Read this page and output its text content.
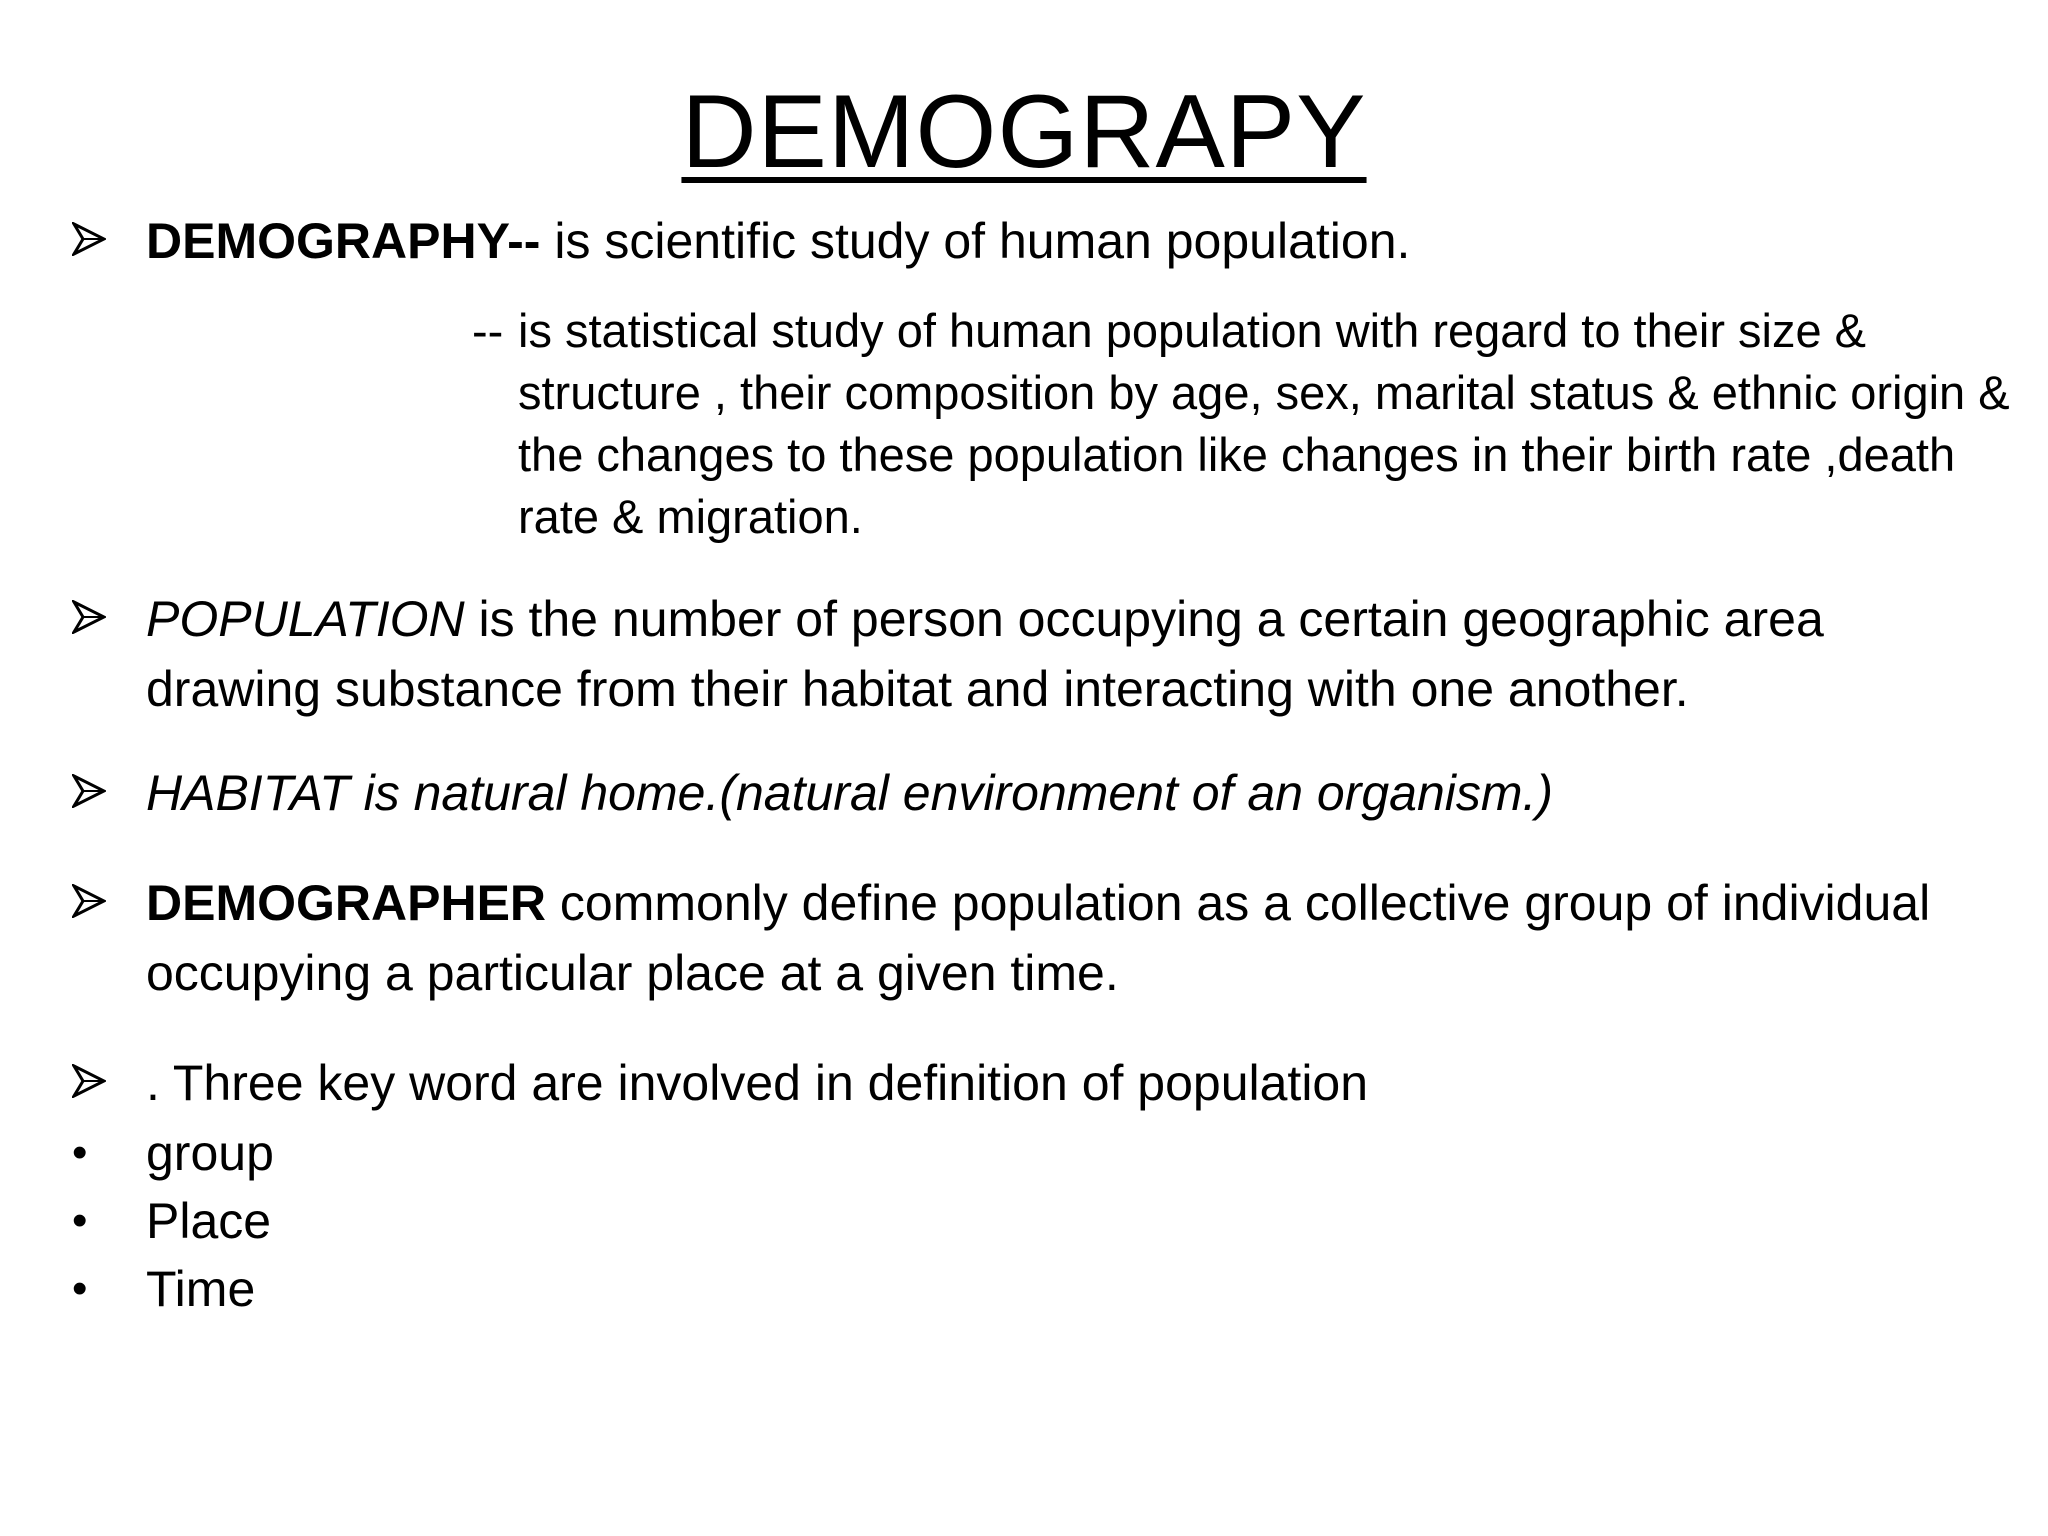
DEMOGRAPY
DEMOGRAPHY-- is scientific study of human population.
-- is statistical study of human population with regard to their size & structure , their composition by age, sex, marital status & ethnic origin & the changes to these population like changes in their birth rate ,death rate & migration.
POPULATION is the number of person occupying a certain geographic area drawing substance from their habitat and interacting with one another.
HABITAT is natural home.(natural environment of an organism.)
DEMOGRAPHER commonly define population as a collective group of individual occupying a particular place at a given time.
. Three key word are involved in definition of population
•	group
•	Place
•	Time
